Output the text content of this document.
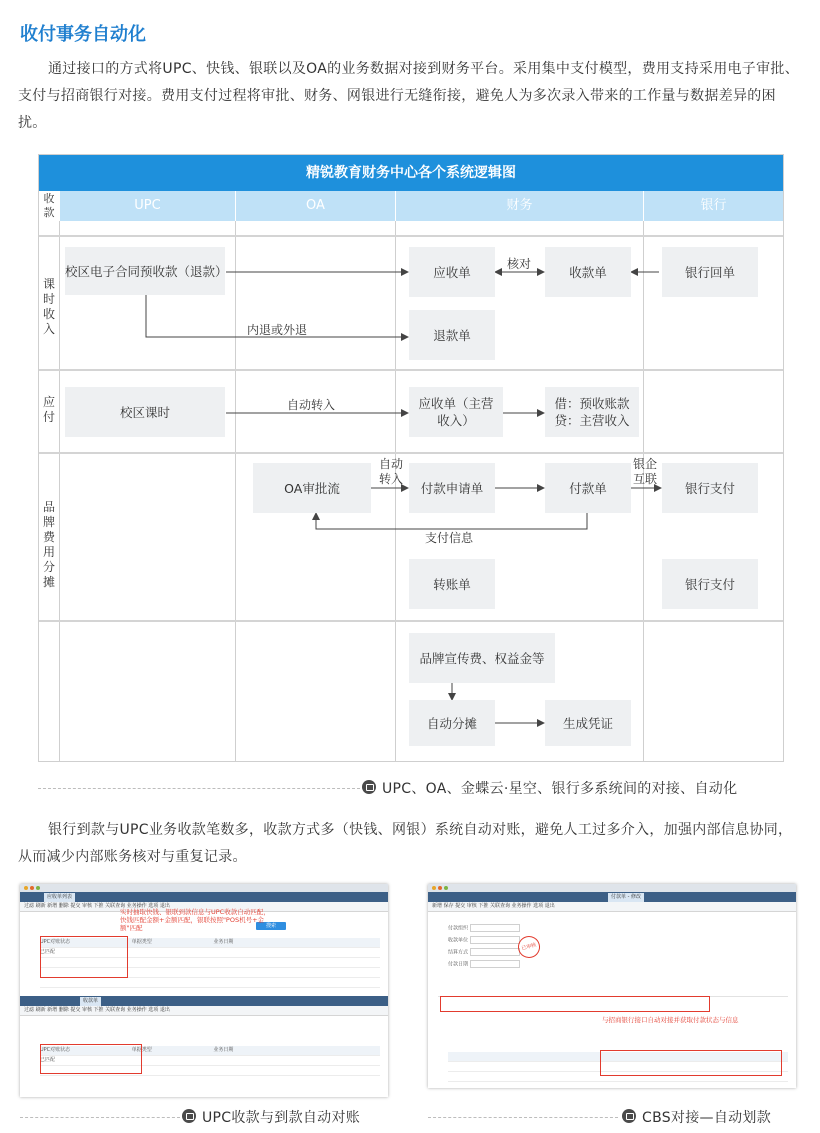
收付事务自动化

通过接口的方式将UPC、快钱、银联以及OA的业务数据对接到财务平台。采用集中支付模型，费用支持采用电子审批、支付与招商银行对接。费用支付过程将审批、财务、网银进行无缝衔接，避免人为多次录入带来的工作量与数据差异的困扰。

精锐教育财务中心各个系统逻辑图
收款	UPC	OA	财务	银行
课时收入
应付
品牌费用分摊
校区电子合同预收款（退款）	应收单	收款单	银行回单
退款单
校区课时
应收单（主营收入）
借：预收账款贷：主营收入
OA审批流	付款申请单	付款单	银行支付
转账单	银行支付
品牌宣传费、权益金等
自动分摊	生成凭证
核对
内退或外退
自动转入
自动转入
银企互联
支付信息
UPC、OA、金蝶云·星空、银行多系统间的对接、自动化

银行到款与UPC业务收款笔数多，收款方式多（快钱、网银）系统自动对账，避免人工过多介入，加强内部信息协同，从而减少内部账务核对与重复记录。

应收单列表
过滤 刷新 新增 删除 提交 审核 下推 关联查询 业务操作 选项 退出
搜索
UPC对账状态	单据类型	业务日期
已匹配
实时抽取快钱、银联到款信息与UPC收款自动匹配，快钱匹配金额+金额匹配，银联按照"POS机号+金额"匹配
收款单
过滤 刷新 新增 删除 提交 审核 下推 关联查询 业务操作 选项 退出
UPC对账状态	单据类型	业务日期
已匹配
付款单 - 修改
新增 保存 提交 审核 下推 关联查询 业务操作 选项 退出
付款组织
收款单位
结算方式
付款日期
已审核
与招商银行接口自动对接并获取付款状态与信息
UPC收款与到款自动对账	CBS对接—自动划款
